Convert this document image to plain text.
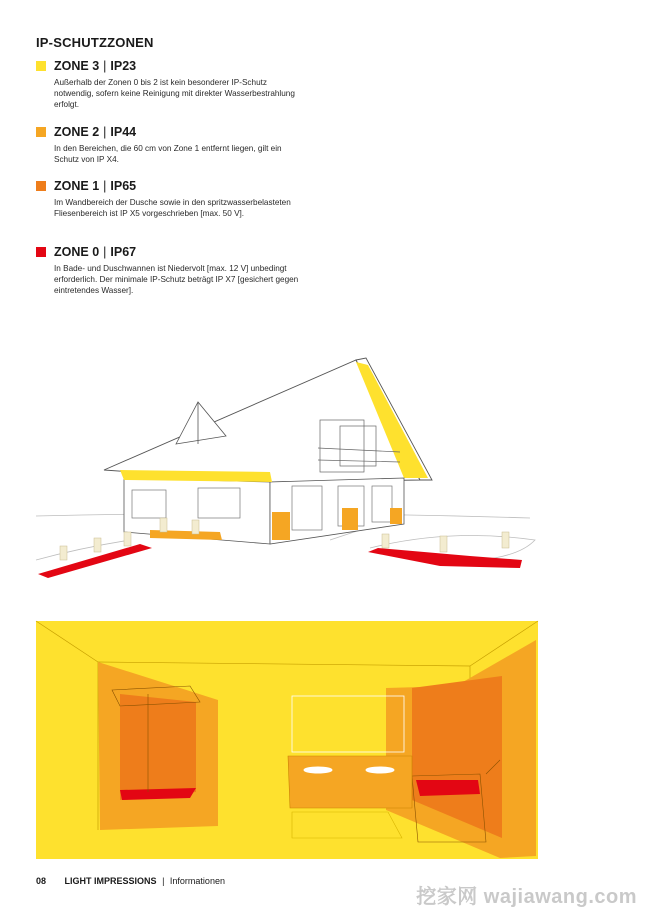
IP-SCHUTZZONEN
ZONE 3 | IP23
Außerhalb der Zonen 0 bis 2 ist kein besonderer IP-Schutz notwendig, sofern keine Reinigung mit direkter Wasserbestrahlung erfolgt.
ZONE 2 | IP44
In den Bereichen, die 60 cm von Zone 1 entfernt liegen, gilt ein Schutz von IP X4.
ZONE 1 | IP65
Im Wandbereich der Dusche sowie in den spritzwasserbelasteten Fliesenbereich ist IP X5 vorgeschrieben [max. 50 V].
ZONE 0 | IP67
In Bade- und Duschwannen ist Niedervolt [max. 12 V] unbedingt erforderlich. Der minimale IP-Schutz beträgt IP X7 [gesichert gegen eintretendes Wasser].
08 LIGHT IMPRESSIONS | Informationen
挖家网 wajiawang.com
